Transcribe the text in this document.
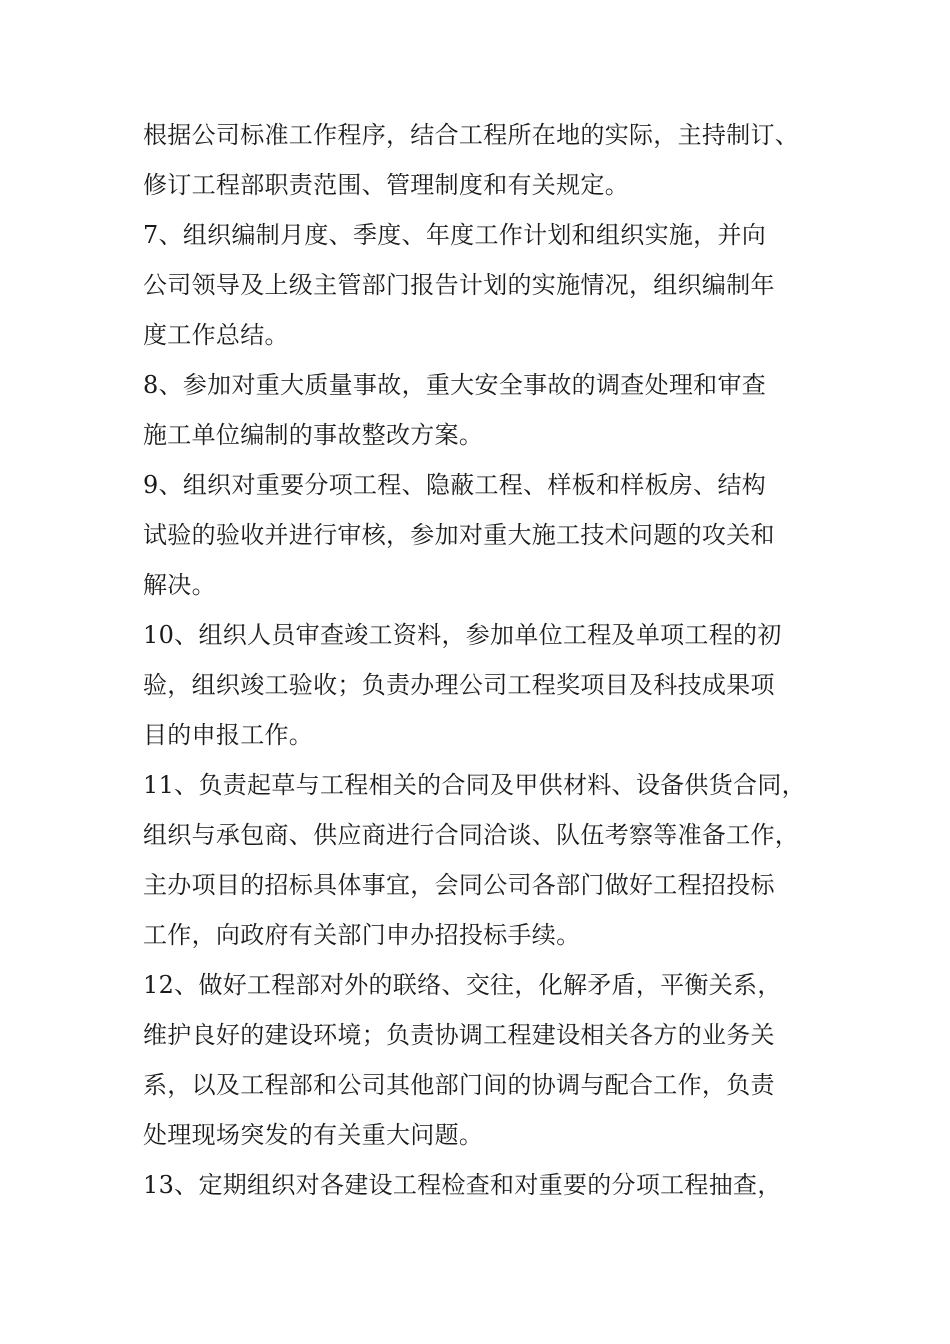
根据公司标准工作程序，结合工程所在地的实际，主持制订、
修订工程部职责范围、管理制度和有关规定。
7、组织编制月度、季度、年度工作计划和组织实施，并向
公司领导及上级主管部门报告计划的实施情况，组织编制年
度工作总结。
8、参加对重大质量事故，重大安全事故的调查处理和审查
施工单位编制的事故整改方案。
9、组织对重要分项工程、隐蔽工程、样板和样板房、结构
试验的验收并进行审核，参加对重大施工技术问题的攻关和
解决。
10、组织人员审查竣工资料，参加单位工程及单项工程的初
验，组织竣工验收；负责办理公司工程奖项目及科技成果项
目的申报工作。
11、负责起草与工程相关的合同及甲供材料、设备供货合同，
组织与承包商、供应商进行合同洽谈、队伍考察等准备工作，
主办项目的招标具体事宜，会同公司各部门做好工程招投标
工作，向政府有关部门申办招投标手续。
12、做好工程部对外的联络、交往，化解矛盾，平衡关系，
维护良好的建设环境；负责协调工程建设相关各方的业务关
系，以及工程部和公司其他部门间的协调与配合工作，负责
处理现场突发的有关重大问题。
13、定期组织对各建设工程检查和对重要的分项工程抽查，
